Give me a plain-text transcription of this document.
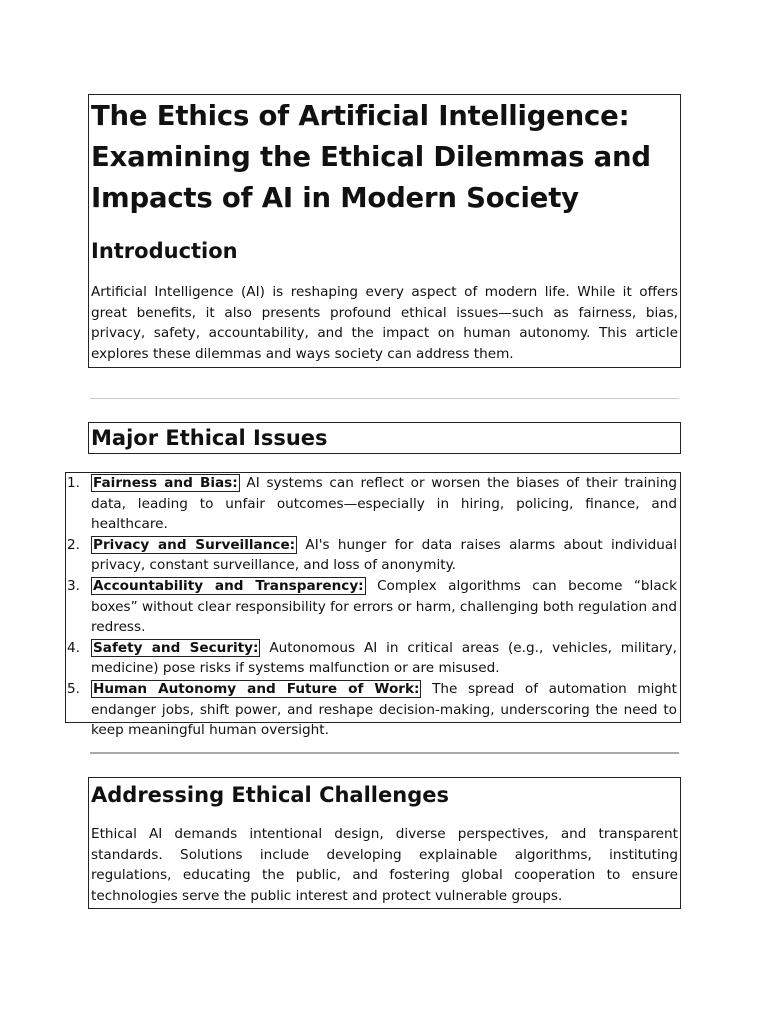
The Ethics of Artificial Intelligence: Examining the Ethical Dilemmas and Impacts of AI in Modern Society
Introduction

Artificial Intelligence (AI) is reshaping every aspect of modern life. While it offers great benefits, it also presents profound ethical issues—such as fairness, bias, privacy, safety, accountability, and the impact on human autonomy. This article explores these dilemmas and ways society can address them.

Major Ethical Issues
1. Fairness and Bias: AI systems can reflect or worsen the biases of their training data, leading to unfair outcomes—especially in hiring, policing, finance, and healthcare.
2. Privacy and Surveillance: AI's hunger for data raises alarms about individual privacy, constant surveillance, and loss of anonymity.
3. Accountability and Transparency: Complex algorithms can become “black boxes” without clear responsibility for errors or harm, challenging both regulation and redress.
4. Safety and Security: Autonomous AI in critical areas (e.g., vehicles, military, medicine) pose risks if systems malfunction or are misused.
5. Human Autonomy and Future of Work: The spread of automation might endanger jobs, shift power, and reshape decision-making, underscoring the need to keep meaningful human oversight.
Addressing Ethical Challenges

Ethical AI demands intentional design, diverse perspectives, and transparent standards. Solutions include developing explainable algorithms, instituting regulations, educating the public, and fostering global cooperation to ensure technologies serve the public interest and protect vulnerable groups.
